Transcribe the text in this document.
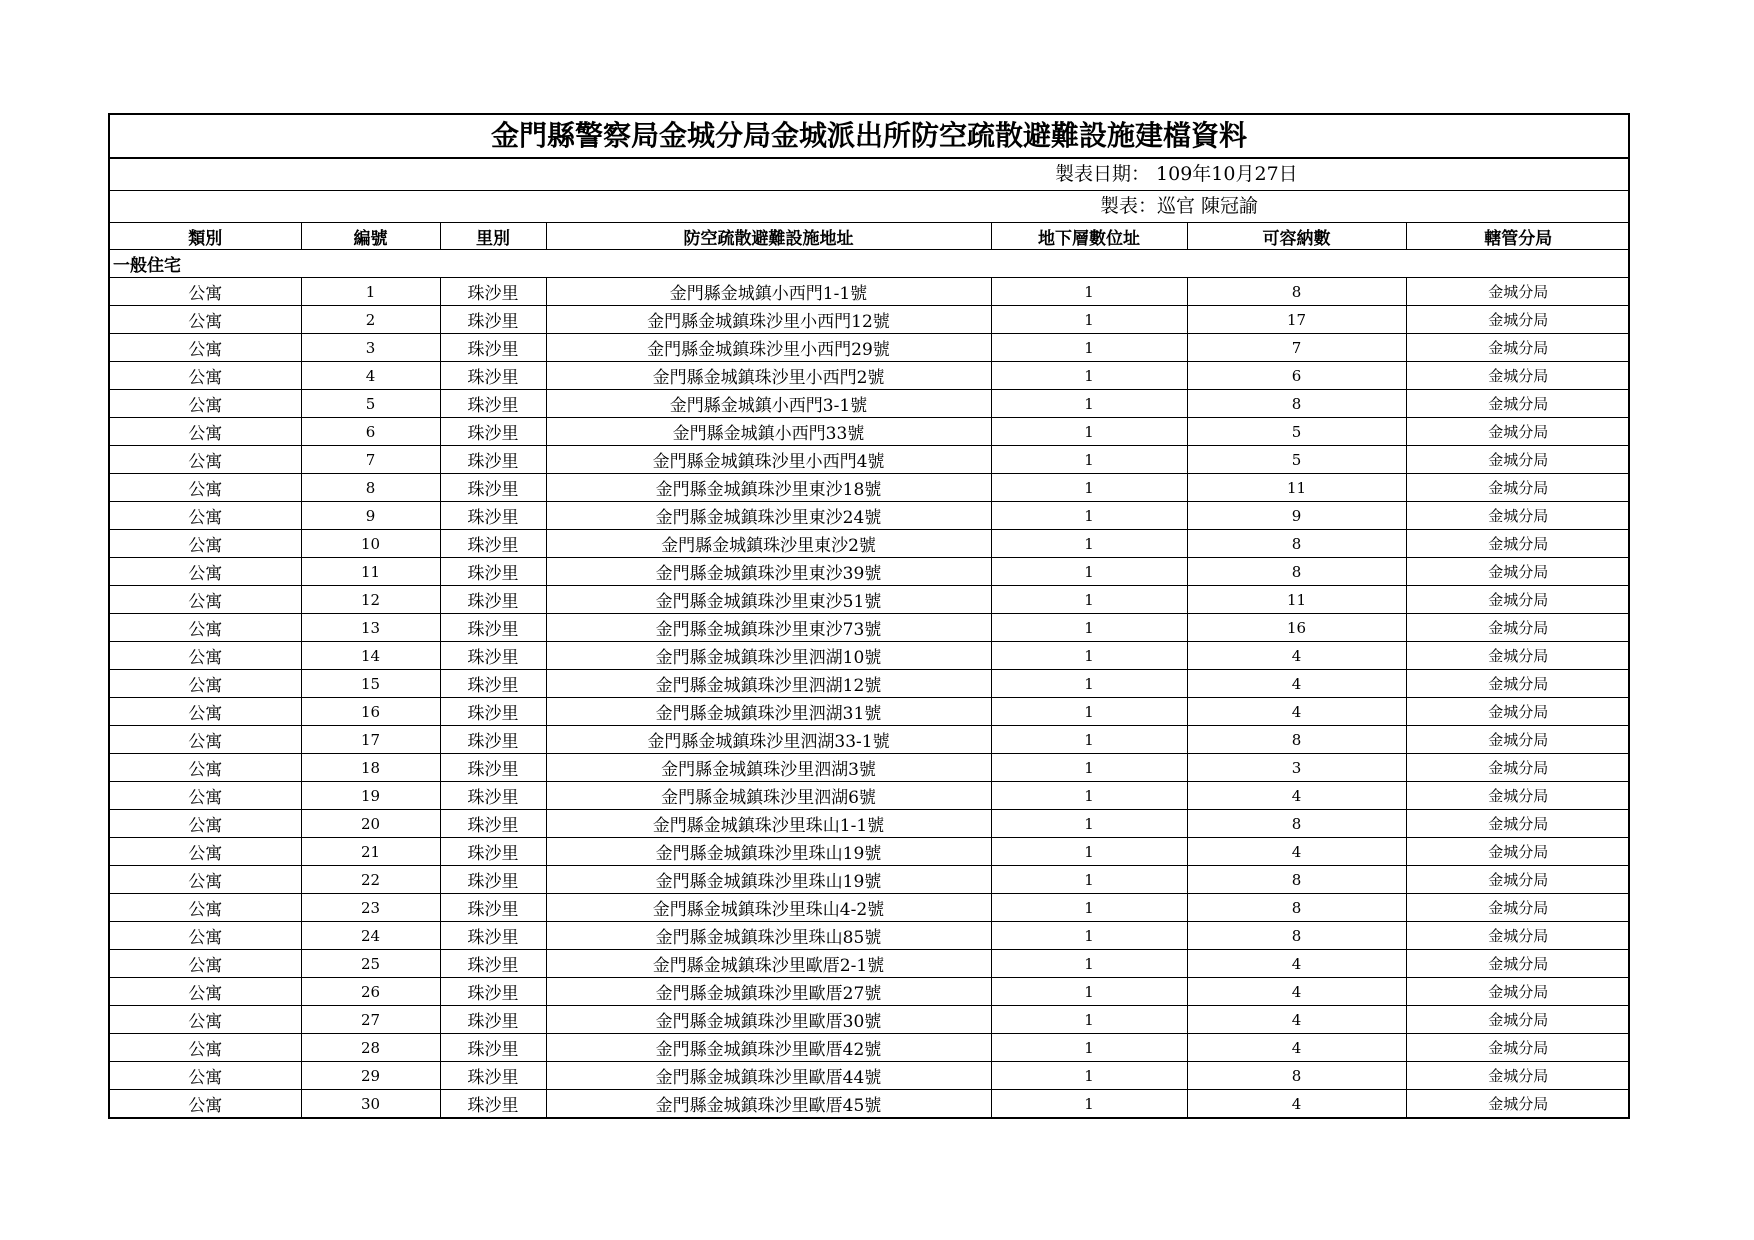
金門縣警察局金城分局金城派出所防空疏散避難設施建檔資料
製表日期： 109年10月27日
製表：巡官 陳冠諭
類別	編號	里別	防空疏散避難設施地址	地下層數位址	可容納數	轄管分局
一般住宅						
公寓	1	珠沙里	金門縣金城鎮小西門1-1號	1	8	金城分局
公寓	2	珠沙里	金門縣金城鎮珠沙里小西門12號	1	17	金城分局
公寓	3	珠沙里	金門縣金城鎮珠沙里小西門29號	1	7	金城分局
公寓	4	珠沙里	金門縣金城鎮珠沙里小西門2號	1	6	金城分局
公寓	5	珠沙里	金門縣金城鎮小西門3-1號	1	8	金城分局
公寓	6	珠沙里	金門縣金城鎮小西門33號	1	5	金城分局
公寓	7	珠沙里	金門縣金城鎮珠沙里小西門4號	1	5	金城分局
公寓	8	珠沙里	金門縣金城鎮珠沙里東沙18號	1	11	金城分局
公寓	9	珠沙里	金門縣金城鎮珠沙里東沙24號	1	9	金城分局
公寓	10	珠沙里	金門縣金城鎮珠沙里東沙2號	1	8	金城分局
公寓	11	珠沙里	金門縣金城鎮珠沙里東沙39號	1	8	金城分局
公寓	12	珠沙里	金門縣金城鎮珠沙里東沙51號	1	11	金城分局
公寓	13	珠沙里	金門縣金城鎮珠沙里東沙73號	1	16	金城分局
公寓	14	珠沙里	金門縣金城鎮珠沙里泗湖10號	1	4	金城分局
公寓	15	珠沙里	金門縣金城鎮珠沙里泗湖12號	1	4	金城分局
公寓	16	珠沙里	金門縣金城鎮珠沙里泗湖31號	1	4	金城分局
公寓	17	珠沙里	金門縣金城鎮珠沙里泗湖33-1號	1	8	金城分局
公寓	18	珠沙里	金門縣金城鎮珠沙里泗湖3號	1	3	金城分局
公寓	19	珠沙里	金門縣金城鎮珠沙里泗湖6號	1	4	金城分局
公寓	20	珠沙里	金門縣金城鎮珠沙里珠山1-1號	1	8	金城分局
公寓	21	珠沙里	金門縣金城鎮珠沙里珠山19號	1	4	金城分局
公寓	22	珠沙里	金門縣金城鎮珠沙里珠山19號	1	8	金城分局
公寓	23	珠沙里	金門縣金城鎮珠沙里珠山4-2號	1	8	金城分局
公寓	24	珠沙里	金門縣金城鎮珠沙里珠山85號	1	8	金城分局
公寓	25	珠沙里	金門縣金城鎮珠沙里歐厝2-1號	1	4	金城分局
公寓	26	珠沙里	金門縣金城鎮珠沙里歐厝27號	1	4	金城分局
公寓	27	珠沙里	金門縣金城鎮珠沙里歐厝30號	1	4	金城分局
公寓	28	珠沙里	金門縣金城鎮珠沙里歐厝42號	1	4	金城分局
公寓	29	珠沙里	金門縣金城鎮珠沙里歐厝44號	1	8	金城分局
公寓	30	珠沙里	金門縣金城鎮珠沙里歐厝45號	1	4	金城分局
